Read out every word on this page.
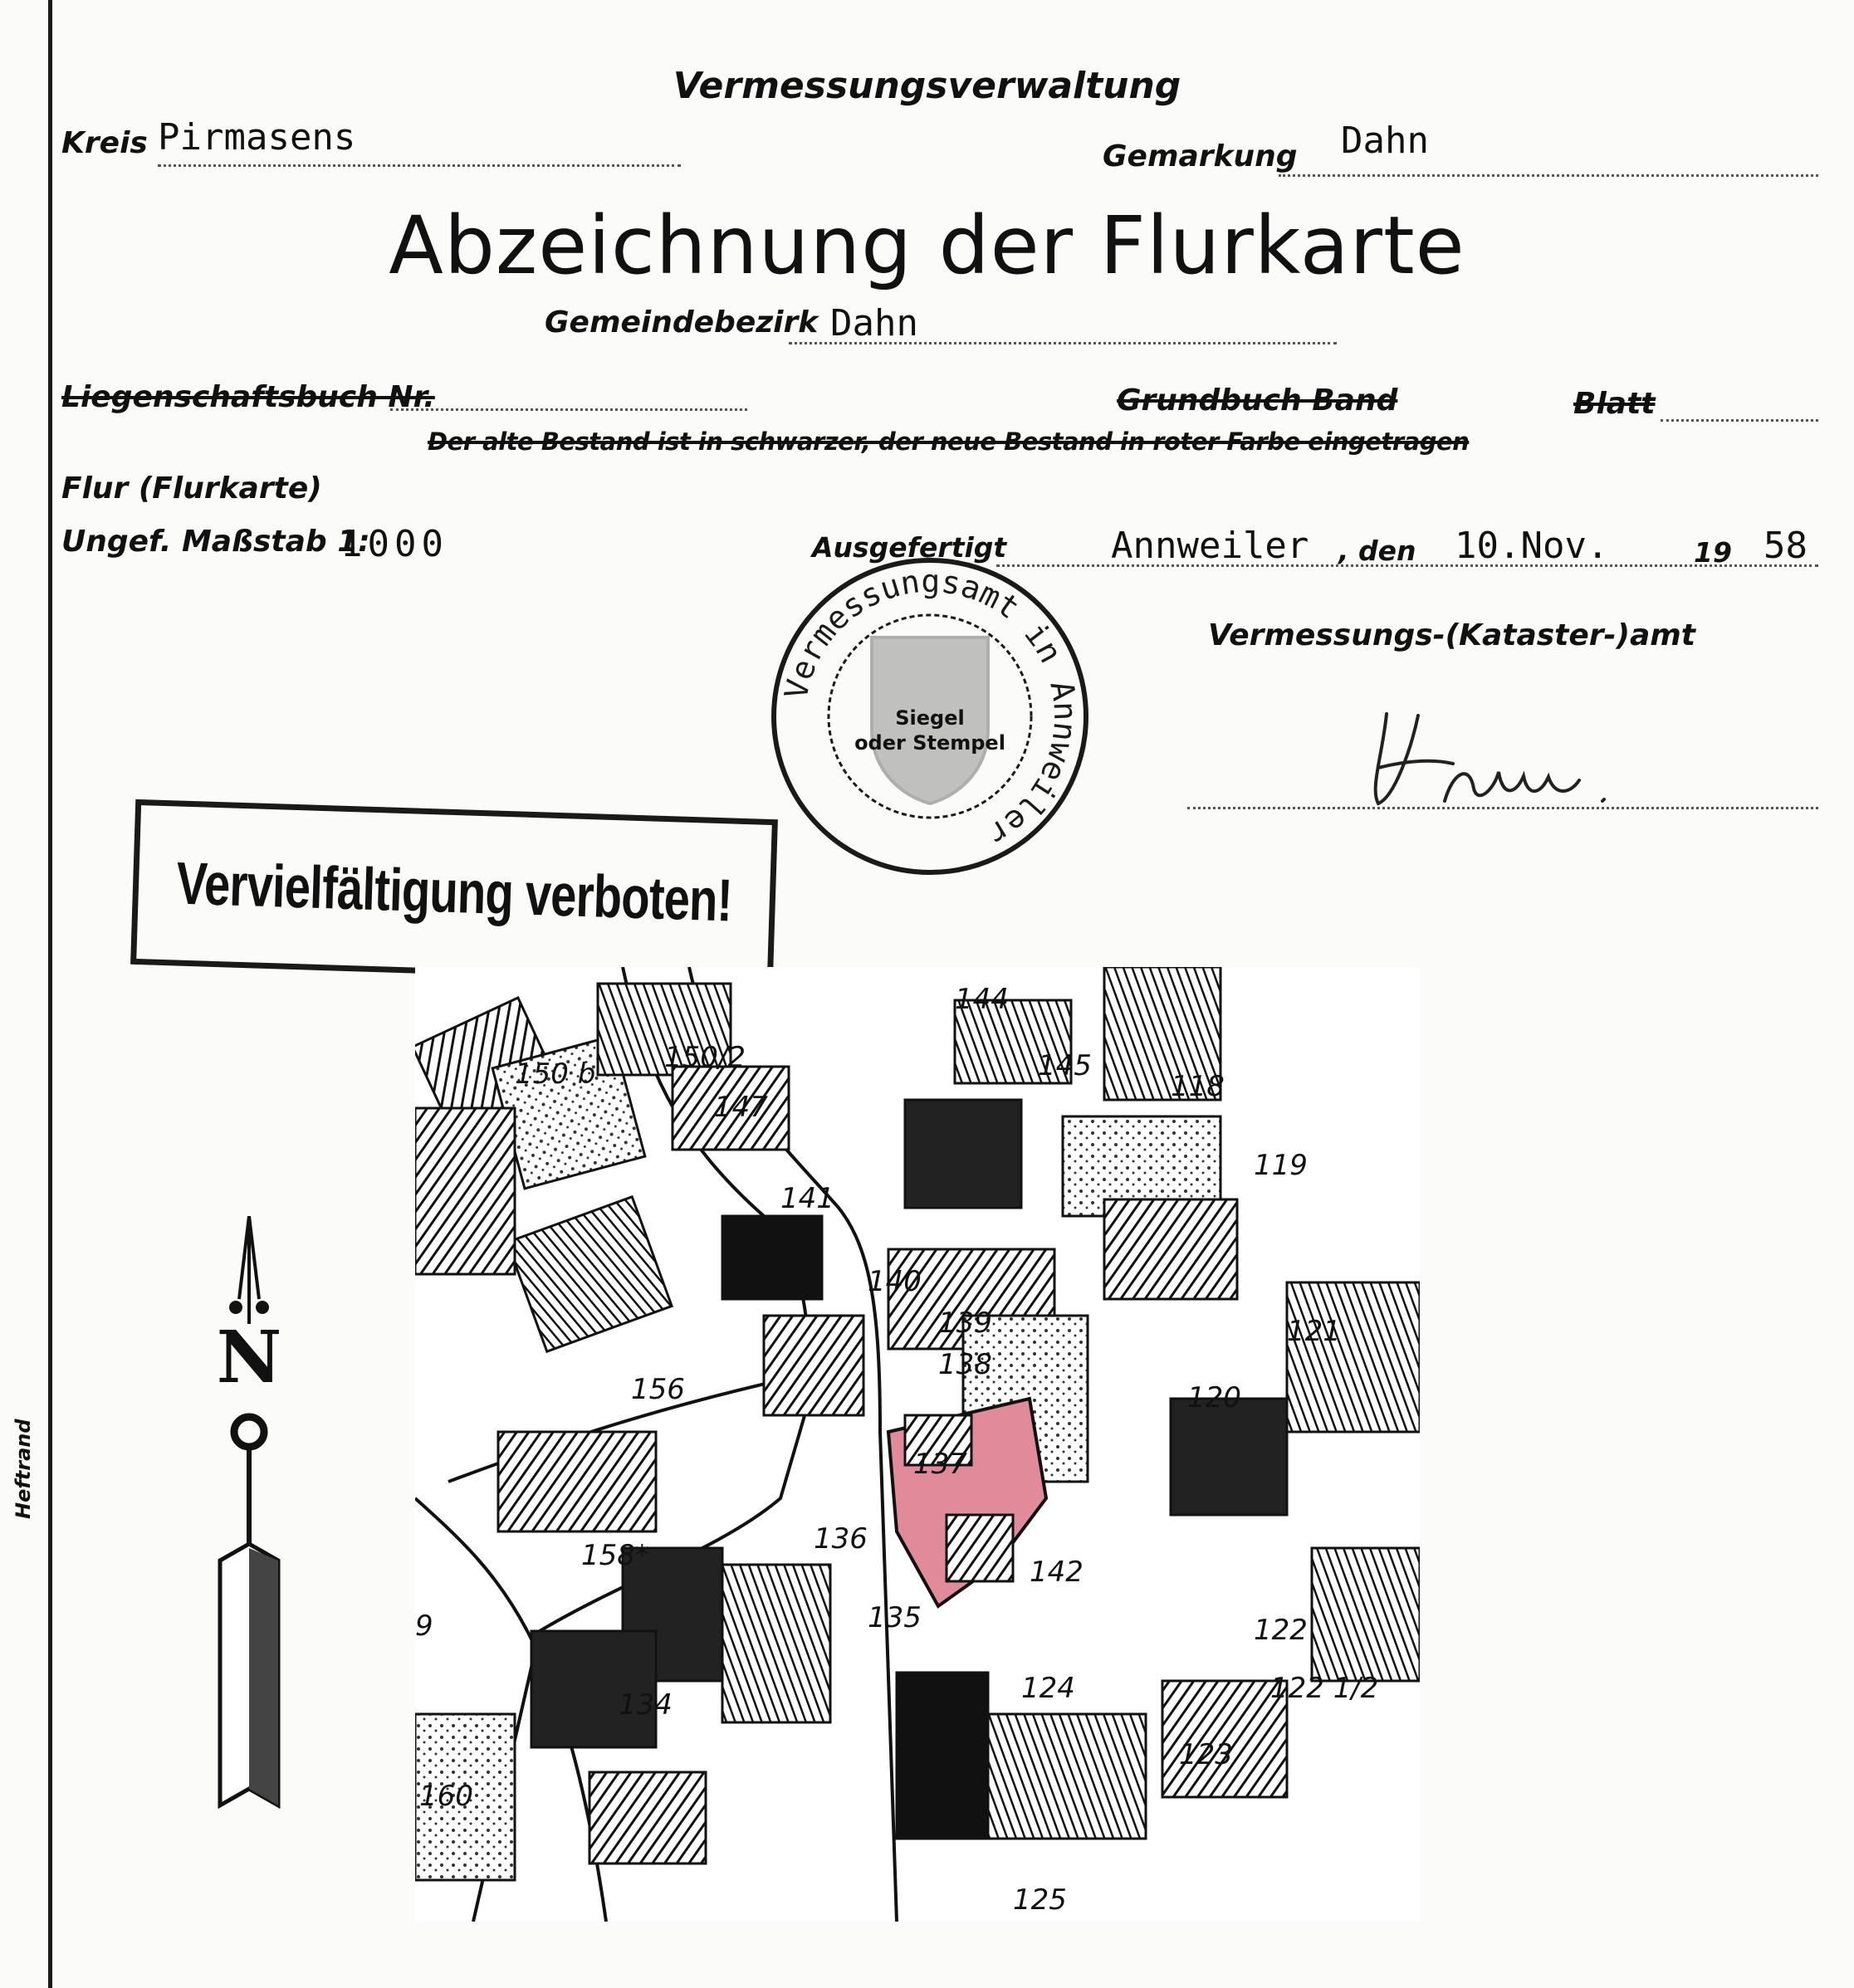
Heftrand
Vermessungsverwaltung
Kreis Pirmasens	Gemarkung Dahn
Abzeichnung der Flurkarte
Gemeindebezirk Dahn
Liegenschaftsbuch Nr.	Grundbuch Band	Blatt
Der alte Bestand ist in schwarzer, der neue Bestand in roter Farbe eingetragen
Flur (Flurkarte)
Ungef. Maßstab 1:
1000	Ausgefertigt	Annweiler , den 10.Nov.	19 58
Vermessungs-(Kataster-)amt
Vermessungsamt in Annweiler
Siegel
oder Stempel
Vervielfältigung verboten!
N
150 b 150/2
147
141
140
139
138
137
136
135
134
156
158*
144
145
118
119
121
120
122
122 1/2
123
124
125
142
9
160
